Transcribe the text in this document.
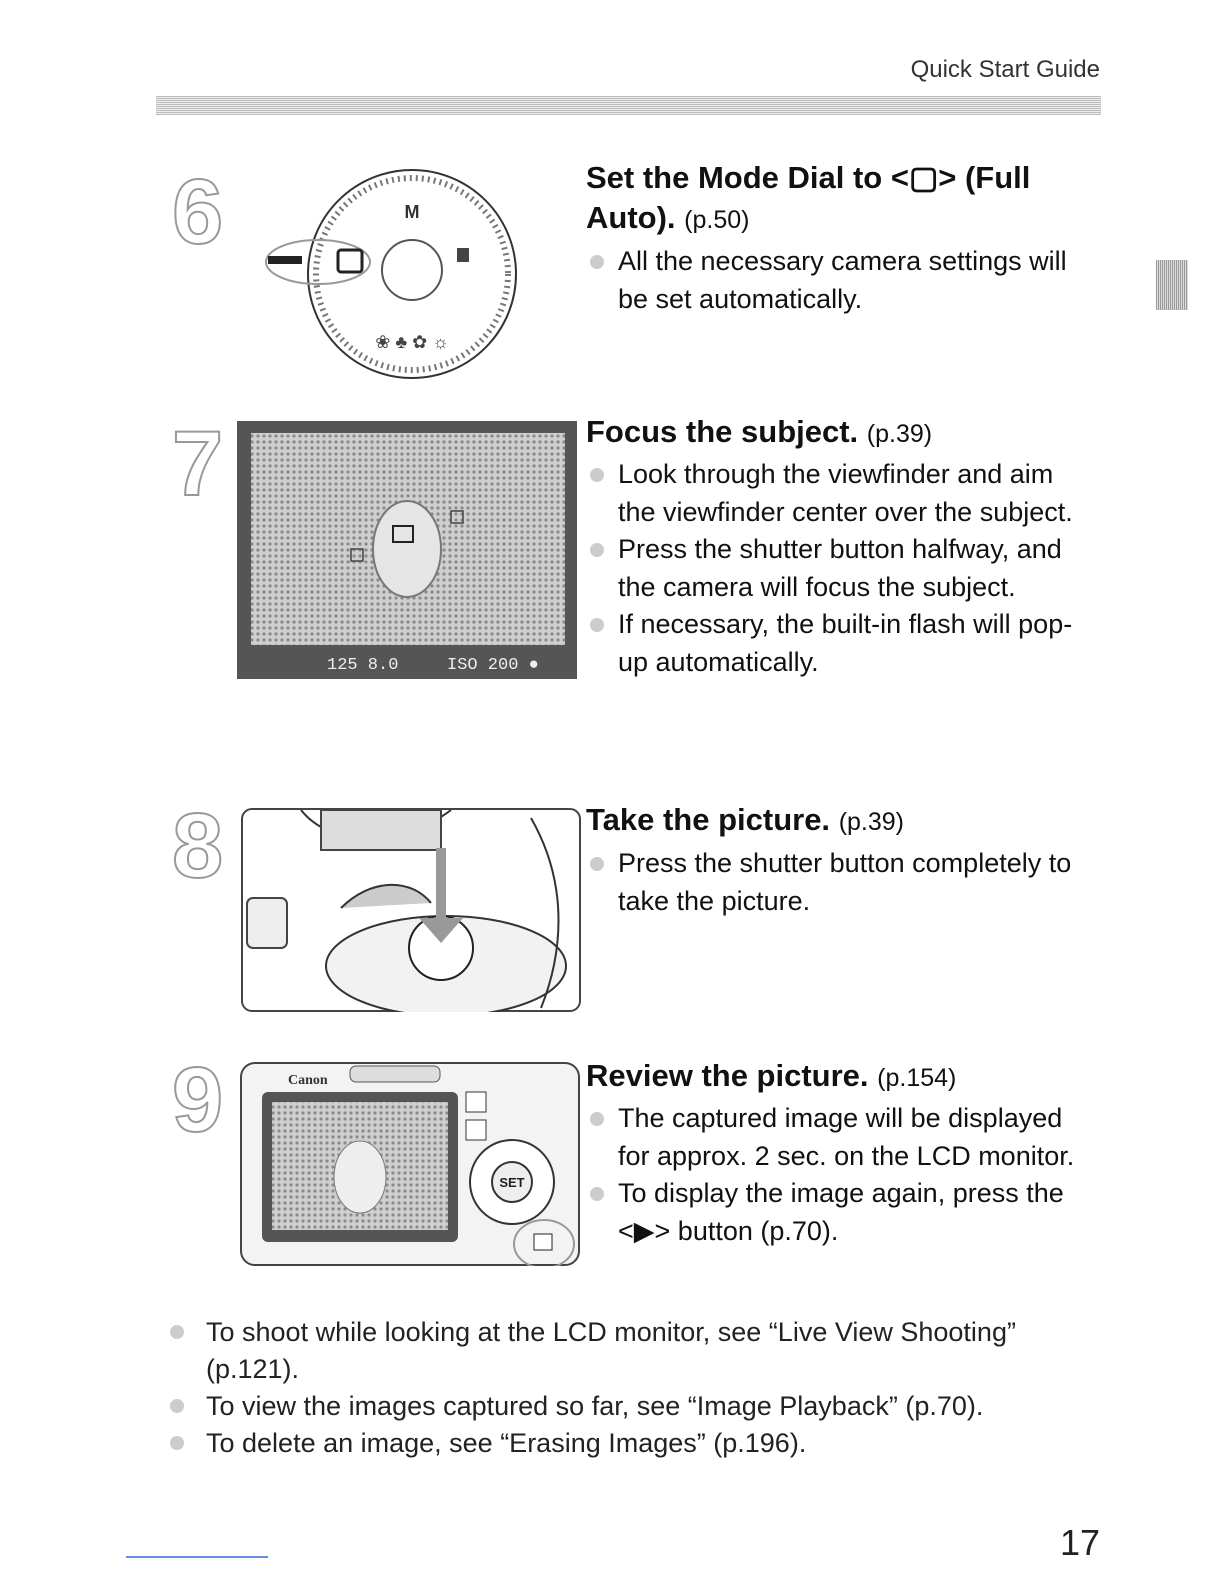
Quick Start Guide
6	M
❀ ♣ ✿ ☼
Set the Mode Dial to <▢> (Full Auto). (p.50)
All the necessary camera settings will be set automatically.
7
125 8.0	ISO 200 ●
Focus the subject. (p.39)
Look through the viewfinder and aim the viewfinder center over the subject.
Press the shutter button halfway, and the camera will focus the subject.
If necessary, the built-in flash will pop-up automatically.
8	Take the picture. (p.39)
Press the shutter button completely to take the picture.
9	Canon
SET
Review the picture. (p.154)
The captured image will be displayed for approx. 2 sec. on the LCD monitor.
To display the image again, press the <▶> button (p.70).
To shoot while looking at the LCD monitor, see “Live View Shooting” (p.121).
To view the images captured so far, see “Image Playback” (p.70).
To delete an image, see “Erasing Images” (p.196).
17
